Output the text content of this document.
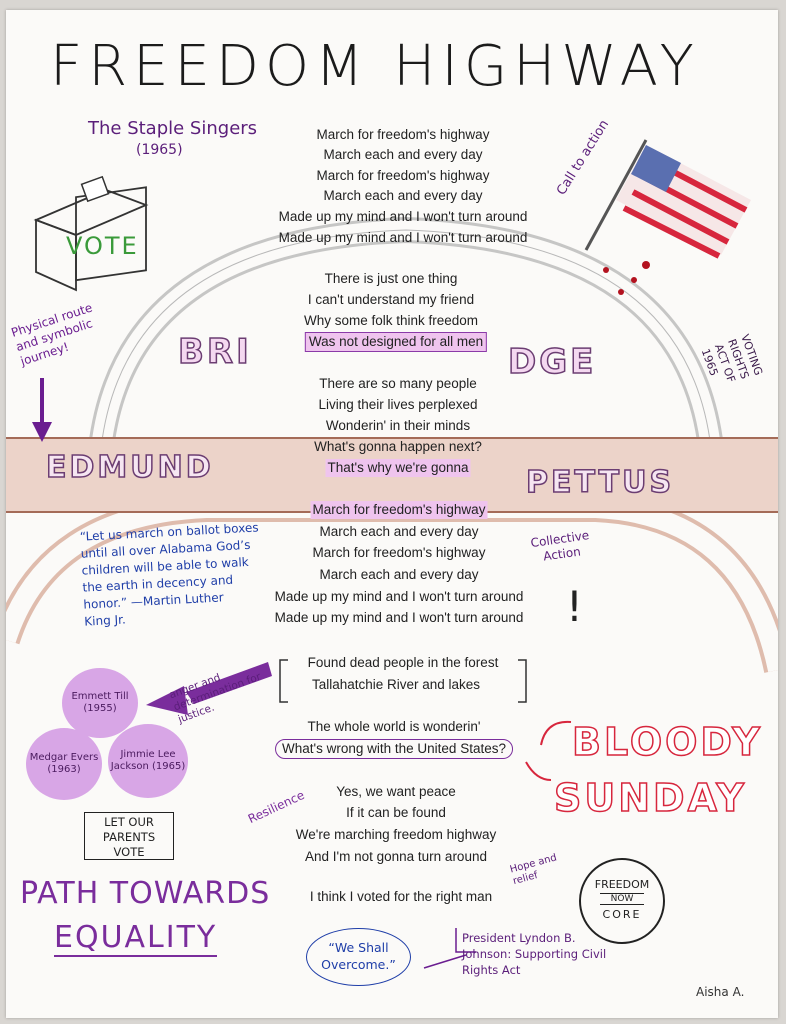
FREEDOM HIGHWAY
The Staple Singers
(1965)
VOTE
Call to action
Physical route and symbolic journey!	VOTING RIGHTS ACT OF 1965
BRI	DGE
EDMUND	PETTUS
March for freedom's highway
March each and every day
March for freedom's highway
March each and every day
Made up my mind and I won't turn around
Made up my mind and I won't turn around
There is just one thing
I can't understand my friend
Why some folk think freedom
Was not designed for all men
There are so many people
Living their lives perplexed
Wonderin' in their minds
What's gonna happen next?
That's why we're gonna
March for freedom's highway
March each and every day
March for freedom's highway
March each and every day
Made up my mind and I won't turn around
Made up my mind and I won't turn around
Found dead people in the forest
Tallahatchie River and lakes
The whole world is wonderin'
What's wrong with the United States?
Yes, we want peace
If it can be found
We're marching freedom highway
And I'm not gonna turn around
I think I voted for the right man
“Let us march on ballot boxes
until all over Alabama God’s
children will be able to walk
the earth in decency and
honor.” —Martin Luther
King Jr.
Collective Action
!
anger and determination for justice.
Emmett Till (1955)
Medgar Evers (1963)
Jimmie Lee Jackson (1965)
Resilience
BLOODY
SUNDAY
LET OUR PARENTS VOTE
Hope and relief	FREEDOM
NOW
CORE
PATH TOWARDS
EQUALITY	“We Shall Overcome.”
President Lyndon B. Johnson: Supporting Civil Rights Act
Aisha A.
